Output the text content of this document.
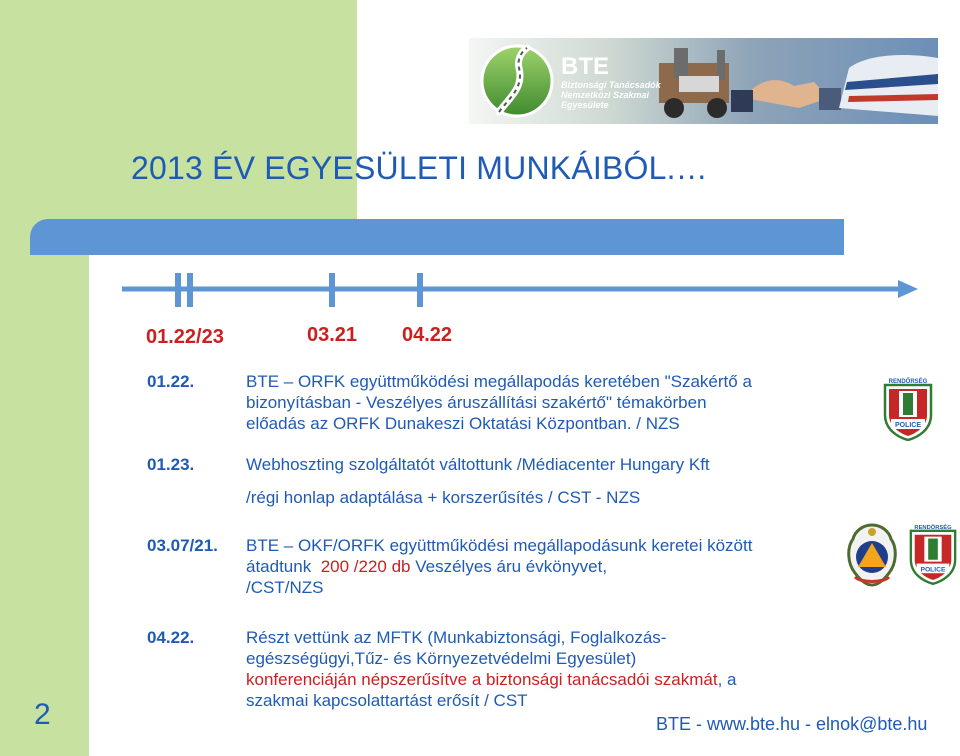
BTE
Biztonsági Tanácsadók
Nemzetközi Szakmai
Egyesülete
2013 ÉV EGYESÜLETI MUNKÁIBÓL.…
01.22/23	03.21 04.22
01.22.	BTE – ORFK együttműködési megállapodás keretében "Szakértő a
bizonyításban - Veszélyes áruszállítási szakértő" témakörben
előadás az ORFK Dunakeszi Oktatási Központban. / NZS
01.23.	Webhoszting szolgáltatót váltottunk /Médiacenter Hungary Kft
/régi honlap adaptálása + korszerűsítés / CST - NZS
03.07/21. BTE – OKF/ORFK együttműködési megállapodásunk keretei között
átadtunk 200 /220 db Veszélyes áru évkönyvet,
/CST/NZS
04.22.	Részt vettünk az MFTK (Munkabiztonsági, Foglalkozás-
egészségügyi,Tűz- és Környezetvédelmi Egyesület)
konferenciáján népszerűsítve a biztonsági tanácsadói szakmát, a
szakmai kapcsolattartást erősít / CST
POLICE
RENDŐRSÉG
POLICE
RENDŐRSÉG
2	BTE - www.bte.hu - elnok@bte.hu
